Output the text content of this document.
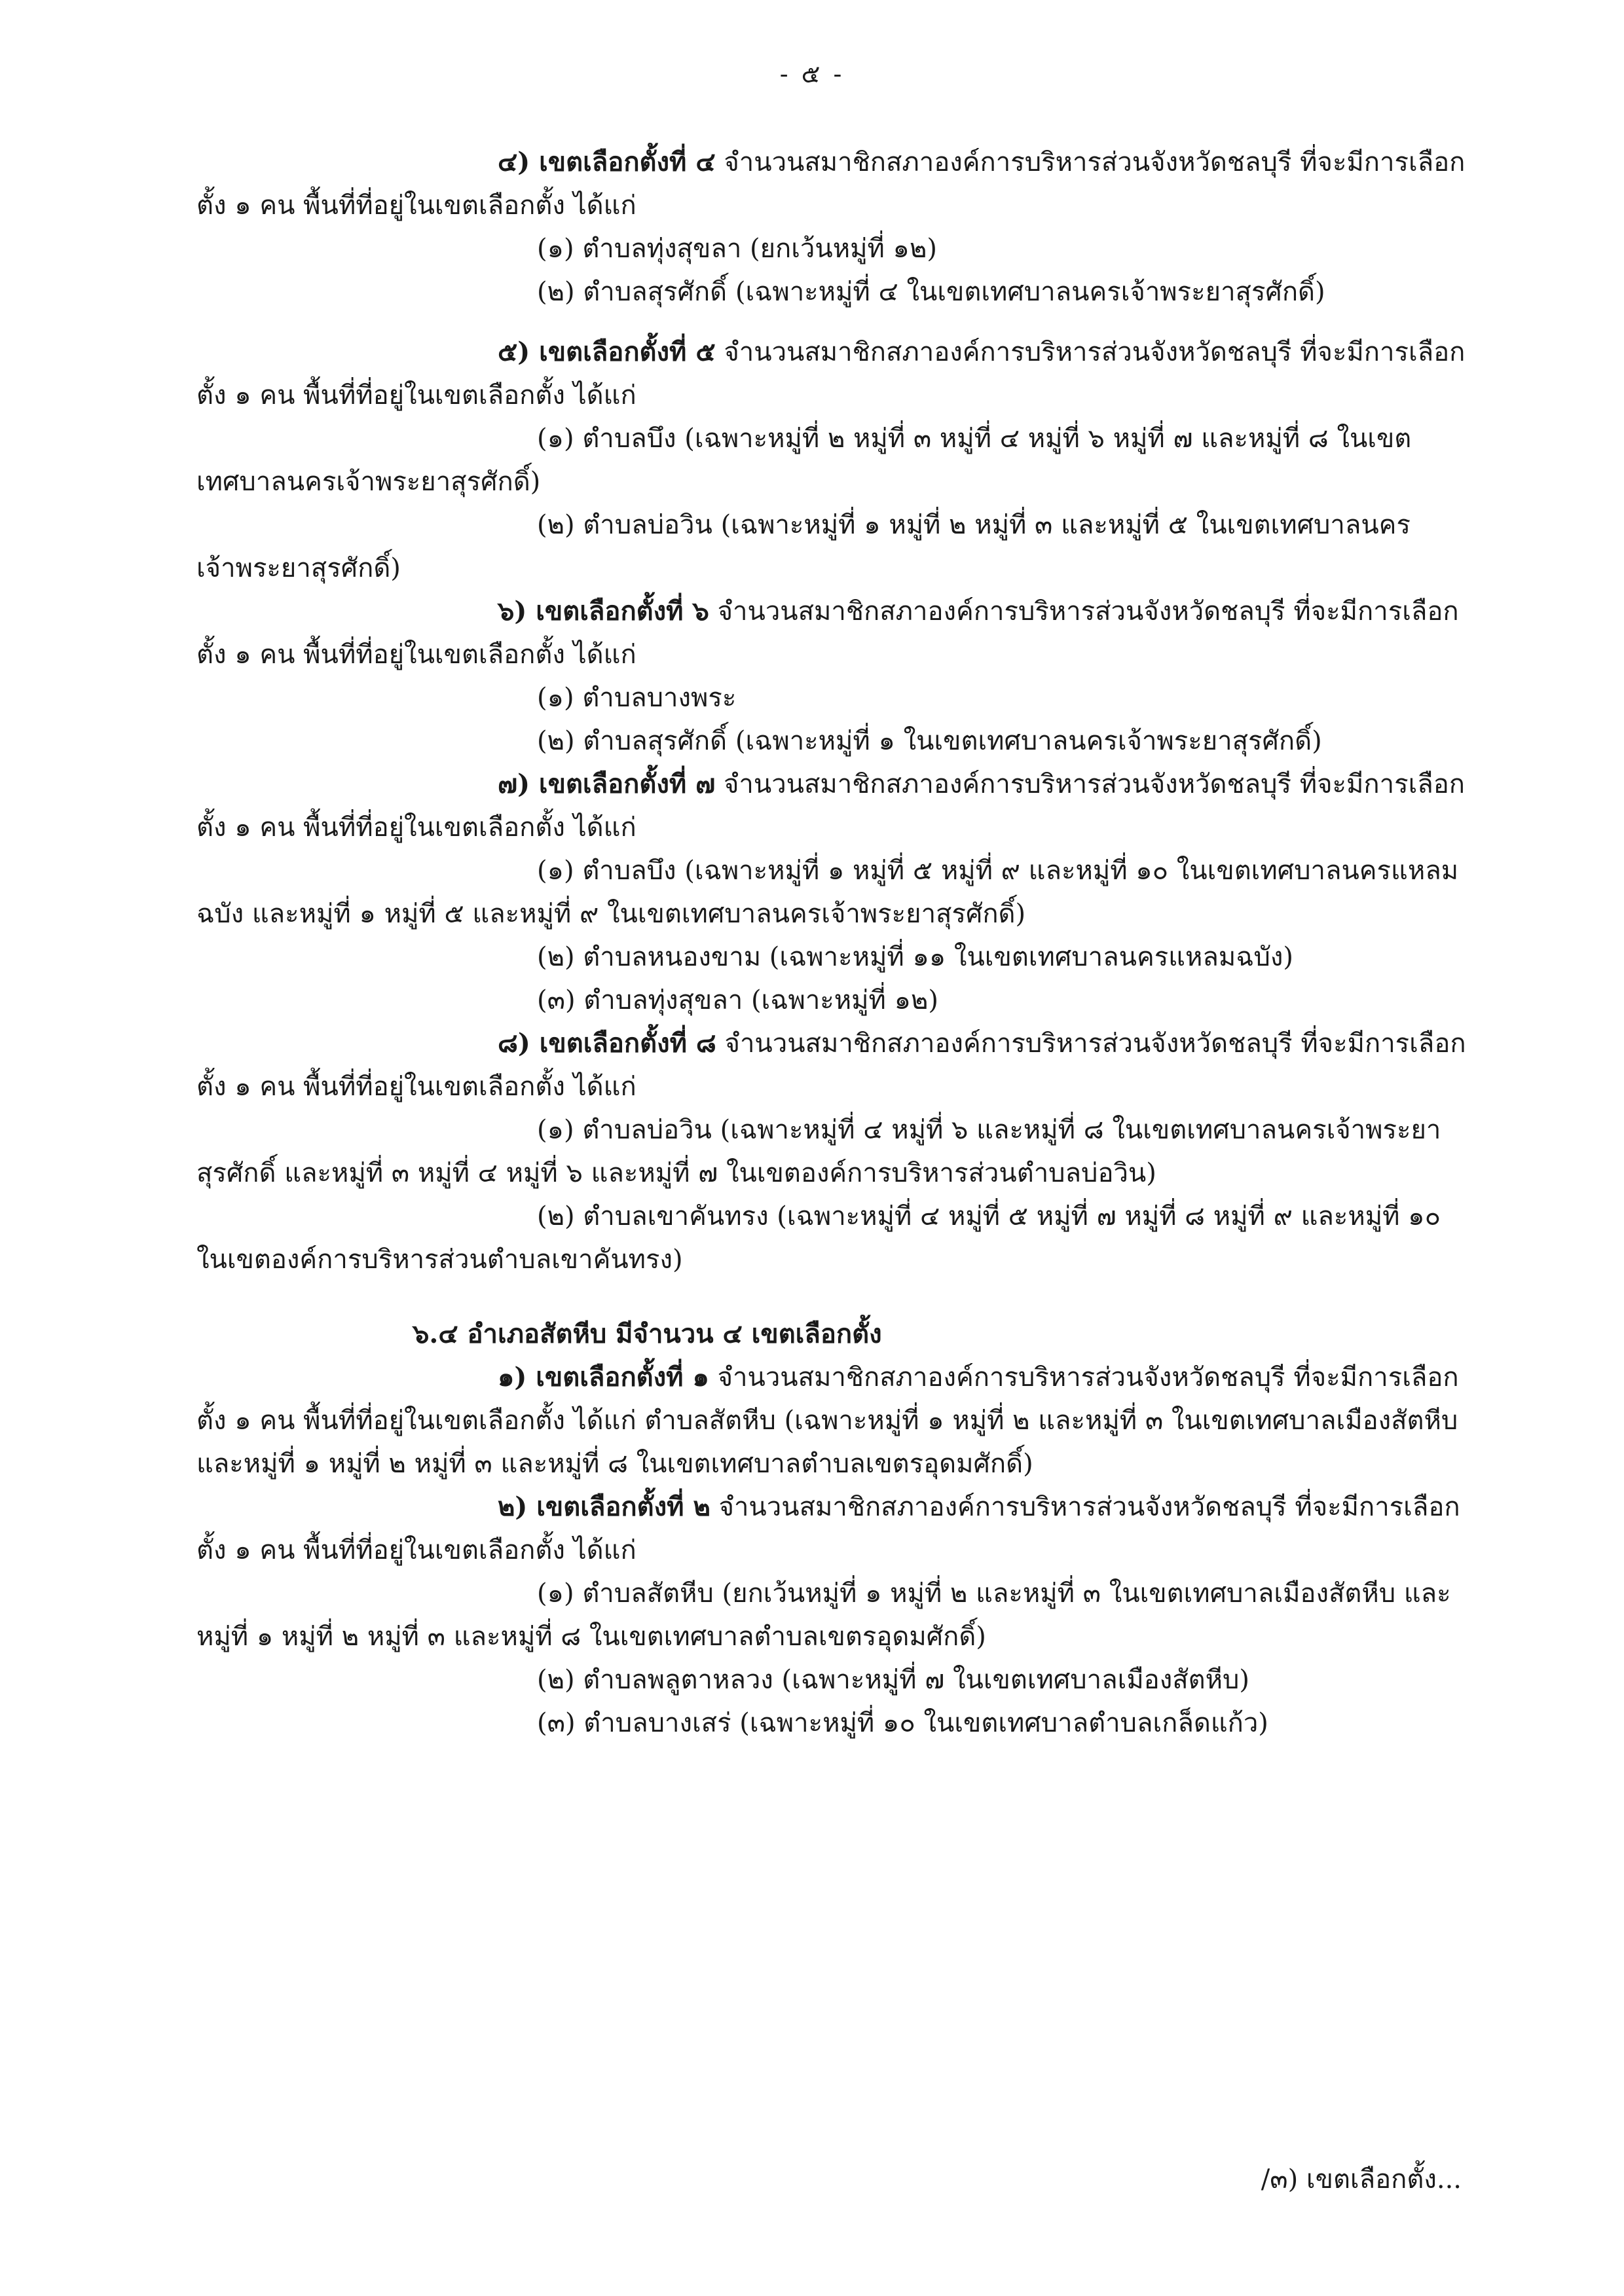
- ๕ -

๔) เขตเลือกตั้งที่ ๔ จำนวนสมาชิกสภาองค์การบริหารส่วนจังหวัดชลบุรี ที่จะมีการเลือกตั้ง ๑ คน พื้นที่ที่อยู่ในเขตเลือกตั้ง ได้แก่

(๑) ตำบลทุ่งสุขลา (ยกเว้นหมู่ที่ ๑๒)

(๒) ตำบลสุรศักดิ์ (เฉพาะหมู่ที่ ๔ ในเขตเทศบาลนครเจ้าพระยาสุรศักดิ์)

๕) เขตเลือกตั้งที่ ๕ จำนวนสมาชิกสภาองค์การบริหารส่วนจังหวัดชลบุรี ที่จะมีการเลือกตั้ง ๑ คน พื้นที่ที่อยู่ในเขตเลือกตั้ง ได้แก่

(๑) ตำบลบึง (เฉพาะหมู่ที่ ๒ หมู่ที่ ๓ หมู่ที่ ๔ หมู่ที่ ๖ หมู่ที่ ๗ และหมู่ที่ ๘ ในเขตเทศบาลนครเจ้าพระยาสุรศักดิ์)

(๒) ตำบลบ่อวิน (เฉพาะหมู่ที่ ๑ หมู่ที่ ๒ หมู่ที่ ๓ และหมู่ที่ ๕ ในเขตเทศบาลนครเจ้าพระยาสุรศักดิ์)

๖) เขตเลือกตั้งที่ ๖ จำนวนสมาชิกสภาองค์การบริหารส่วนจังหวัดชลบุรี ที่จะมีการเลือกตั้ง ๑ คน พื้นที่ที่อยู่ในเขตเลือกตั้ง ได้แก่

(๑) ตำบลบางพระ

(๒) ตำบลสุรศักดิ์ (เฉพาะหมู่ที่ ๑ ในเขตเทศบาลนครเจ้าพระยาสุรศักดิ์)

๗) เขตเลือกตั้งที่ ๗ จำนวนสมาชิกสภาองค์การบริหารส่วนจังหวัดชลบุรี ที่จะมีการเลือกตั้ง ๑ คน พื้นที่ที่อยู่ในเขตเลือกตั้ง ได้แก่

(๑) ตำบลบึง (เฉพาะหมู่ที่ ๑ หมู่ที่ ๕ หมู่ที่ ๙ และหมู่ที่ ๑๐ ในเขตเทศบาลนครแหลมฉบัง และหมู่ที่ ๑ หมู่ที่ ๕ และหมู่ที่ ๙ ในเขตเทศบาลนครเจ้าพระยาสุรศักดิ์)

(๒) ตำบลหนองขาม (เฉพาะหมู่ที่ ๑๑ ในเขตเทศบาลนครแหลมฉบัง)

(๓) ตำบลทุ่งสุขลา (เฉพาะหมู่ที่ ๑๒)

๘) เขตเลือกตั้งที่ ๘ จำนวนสมาชิกสภาองค์การบริหารส่วนจังหวัดชลบุรี ที่จะมีการเลือกตั้ง ๑ คน พื้นที่ที่อยู่ในเขตเลือกตั้ง ได้แก่

(๑) ตำบลบ่อวิน (เฉพาะหมู่ที่ ๔ หมู่ที่ ๖ และหมู่ที่ ๘ ในเขตเทศบาลนครเจ้าพระยาสุรศักดิ์ และหมู่ที่ ๓ หมู่ที่ ๔ หมู่ที่ ๖ และหมู่ที่ ๗ ในเขตองค์การบริหารส่วนตำบลบ่อวิน)

(๒) ตำบลเขาคันทรง (เฉพาะหมู่ที่ ๔ หมู่ที่ ๕ หมู่ที่ ๗ หมู่ที่ ๘ หมู่ที่ ๙ และหมู่ที่ ๑๐ ในเขตองค์การบริหารส่วนตำบลเขาคันทรง)

๖.๔ อำเภอสัตหีบ มีจำนวน ๔ เขตเลือกตั้ง

๑) เขตเลือกตั้งที่ ๑ จำนวนสมาชิกสภาองค์การบริหารส่วนจังหวัดชลบุรี ที่จะมีการเลือกตั้ง ๑ คน พื้นที่ที่อยู่ในเขตเลือกตั้ง ได้แก่ ตำบลสัตหีบ (เฉพาะหมู่ที่ ๑ หมู่ที่ ๒ และหมู่ที่ ๓ ในเขตเทศบาลเมืองสัตหีบ และหมู่ที่ ๑ หมู่ที่ ๒ หมู่ที่ ๓ และหมู่ที่ ๘ ในเขตเทศบาลตำบลเขตรอุดมศักดิ์)

๒) เขตเลือกตั้งที่ ๒ จำนวนสมาชิกสภาองค์การบริหารส่วนจังหวัดชลบุรี ที่จะมีการเลือกตั้ง ๑ คน พื้นที่ที่อยู่ในเขตเลือกตั้ง ได้แก่

(๑) ตำบลสัตหีบ (ยกเว้นหมู่ที่ ๑ หมู่ที่ ๒ และหมู่ที่ ๓ ในเขตเทศบาลเมืองสัตหีบ และหมู่ที่ ๑ หมู่ที่ ๒ หมู่ที่ ๓ และหมู่ที่ ๘ ในเขตเทศบาลตำบลเขตรอุดมศักดิ์)

(๒) ตำบลพลูตาหลวง (เฉพาะหมู่ที่ ๗ ในเขตเทศบาลเมืองสัตหีบ)

(๓) ตำบลบางเสร่ (เฉพาะหมู่ที่ ๑๐ ในเขตเทศบาลตำบลเกล็ดแก้ว)

/๓) เขตเลือกตั้ง...
